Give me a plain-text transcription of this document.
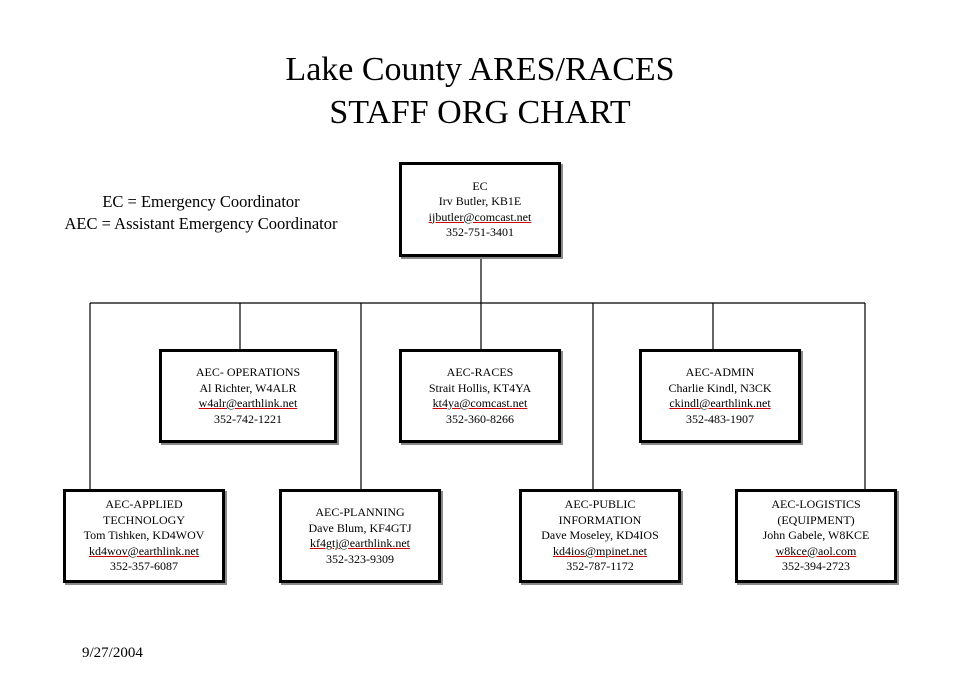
Lake County ARES/RACES
STAFF ORG CHART
EC = Emergency Coordinator
AEC = Assistant Emergency Coordinator
EC
Irv Butler, KB1E
ijbutler@comcast.net
352-751-3401
AEC- OPERATIONS
Al Richter, W4ALR
w4alr@earthlink.net
352-742-1221
AEC-RACES
Strait Hollis, KT4YA
kt4ya@comcast.net
352-360-8266
AEC-ADMIN
Charlie Kindl, N3CK
ckindl@earthlink.net
352-483-1907
AEC-APPLIED TECHNOLOGY
Tom Tishken, KD4WOV
kd4wov@earthlink.net
352-357-6087
AEC-PLANNING
Dave Blum, KF4GTJ
kf4gtj@earthlink.net
352-323-9309
AEC-PUBLIC INFORMATION
Dave Moseley, KD4IOS
kd4ios@mpinet.net
352-787-1172
AEC-LOGISTICS (EQUIPMENT)
John Gabele, W8KCE
w8kce@aol.com
352-394-2723
9/27/2004
